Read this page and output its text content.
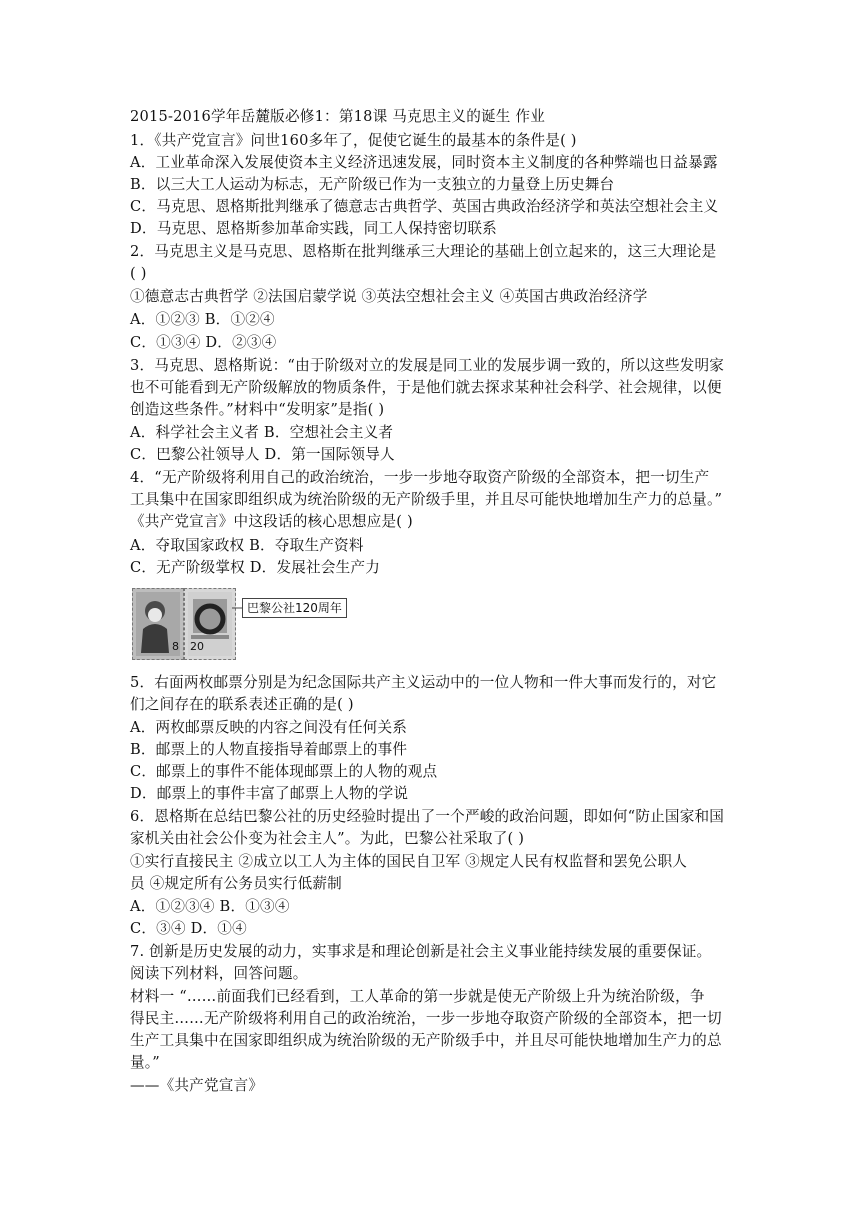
2015-2016学年岳麓版必修1：第18课 马克思主义的诞生 作业
1．《共产党宣言》问世160多年了，促使它诞生的最基本的条件是( )
A．工业革命深入发展使资本主义经济迅速发展，同时资本主义制度的各种弊端也日益暴露
B．以三大工人运动为标志，无产阶级已作为一支独立的力量登上历史舞台
C．马克思、恩格斯批判继承了德意志古典哲学、英国古典政治经济学和英法空想社会主义
D．马克思、恩格斯参加革命实践，同工人保持密切联系
2．马克思主义是马克思、恩格斯在批判继承三大理论的基础上创立起来的，这三大理论是
( )
①德意志古典哲学 ②法国启蒙学说 ③英法空想社会主义 ④英国古典政治经济学
A．①②③ B．①②④
C．①③④ D．②③④
3．马克思、恩格斯说：“由于阶级对立的发展是同工业的发展步调一致的，所以这些发明家
也不可能看到无产阶级解放的物质条件，于是他们就去探求某种社会科学、社会规律，以便
创造这些条件。”材料中“发明家”是指( )
A．科学社会主义者 B．空想社会主义者
C．巴黎公社领导人 D．第一国际领导人
4．“无产阶级将利用自己的政治统治，一步一步地夺取资产阶级的全部资本，把一切生产
工具集中在国家即组织成为统治阶级的无产阶级手里，并且尽可能快地增加生产力的总量。”
《共产党宣言》中这段话的核心思想应是( )
A．夺取国家政权 B．夺取生产资料
C．无产阶级掌权 D．发展社会生产力
8 20
巴黎公社120周年
5．右面两枚邮票分别是为纪念国际共产主义运动中的一位人物和一件大事而发行的，对它
们之间存在的联系表述正确的是( )
A．两枚邮票反映的内容之间没有任何关系
B．邮票上的人物直接指导着邮票上的事件
C．邮票上的事件不能体现邮票上的人物的观点
D．邮票上的事件丰富了邮票上人物的学说
6．恩格斯在总结巴黎公社的历史经验时提出了一个严峻的政治问题，即如何“防止国家和国
家机关由社会公仆变为社会主人”。为此，巴黎公社采取了( )
①实行直接民主 ②成立以工人为主体的国民自卫军 ③规定人民有权监督和罢免公职人
员 ④规定所有公务员实行低薪制
A．①②③④ B．①③④
C．③④ D．①④
7. 创新是历史发展的动力，实事求是和理论创新是社会主义事业能持续发展的重要保证。
阅读下列材料，回答问题。
材料一 “……前面我们已经看到，工人革命的第一步就是使无产阶级上升为统治阶级，争
得民主……无产阶级将利用自己的政治统治，一步一步地夺取资产阶级的全部资本，把一切
生产工具集中在国家即组织成为统治阶级的无产阶级手中，并且尽可能快地增加生产力的总
量。”
——《共产党宣言》
